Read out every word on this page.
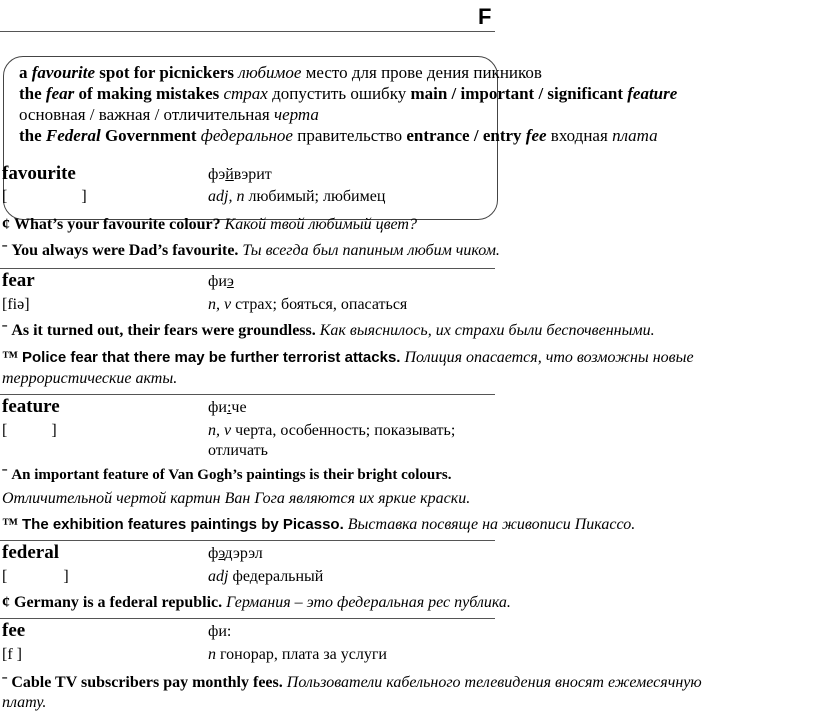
F
a favourite spot for picnickers любимое место для прове дения пикников
the fear of making mistakes страх допустить ошибку main / important / significant feature
основная / важная / отличительная черта
the Federal Government федеральное правительство entrance / entry fee входная плата
favourite	фэйвэрит
[ ]	adj, n любимый; любимец
¢ What’s your favourite colour? Какой твой любимый цвет?
ˉ You always were Dad’s favourite. Ты всегда был папиным любим чиком.
fear	фиэ
[fiə]	n, v страх; бояться, опасаться
ˉ As it turned out, their fears were groundless. Как выяснилось, их страхи были беспочвенными.
™ Police fear that there may be further terrorist attacks. Полиция опасается, что возможны новые
террористические акты.
feature	фи:че
[ ]	n, v черта, особенность; показывать;
отличать
ˉ An important feature of Van Gogh’s paintings is their bright colours.
Отличительной чертой картин Ван Гога являются их яркие краски.
™ The exhibition features paintings by Picasso. Выставка посвяще на живописи Пикассо.
federal	фэдэрэл
[ ]	adj федеральный
¢ Germany is a federal republic. Германия – это федеральная рес публика.
fee	фи:
[f ]	n гонорар, плата за услуги
ˉ Cable TV subscribers pay monthly fees. Пользователи кабельного телевидения вносят ежемесячную
плату.
